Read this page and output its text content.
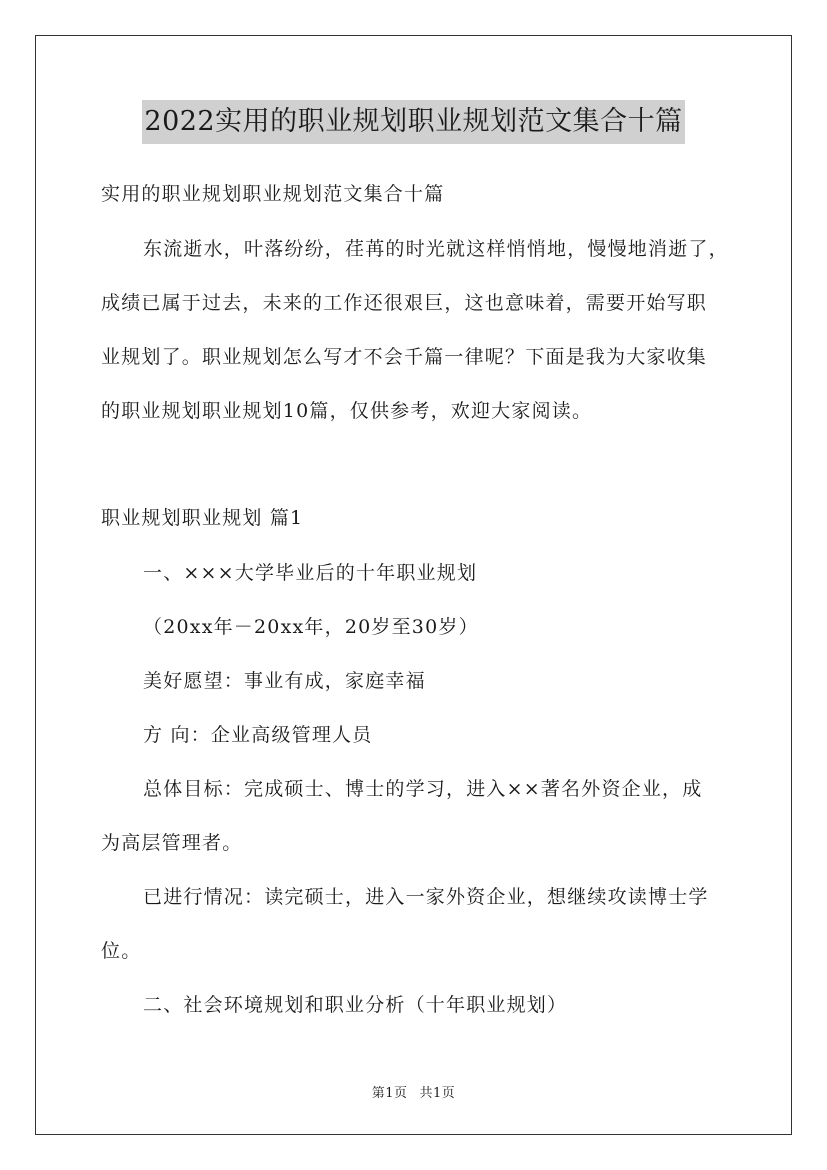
2022实用的职业规划职业规划范文集合十篇

实用的职业规划职业规划范文集合十篇

东流逝水，叶落纷纷，荏苒的时光就这样悄悄地，慢慢地消逝了，

成绩已属于过去，未来的工作还很艰巨，这也意味着，需要开始写职

业规划了。职业规划怎么写才不会千篇一律呢？下面是我为大家收集

的职业规划职业规划10篇，仅供参考，欢迎大家阅读。

职业规划职业规划 篇1

一、×××大学毕业后的十年职业规划

（20xx年－20xx年，20岁至30岁）

美好愿望：事业有成，家庭幸福

方 向：企业高级管理人员

总体目标：完成硕士、博士的学习，进入××著名外资企业，成

为高层管理者。

已进行情况：读完硕士，进入一家外资企业，想继续攻读博士学

位。

二、社会环境规划和职业分析（十年职业规划）

第1页 共1页
